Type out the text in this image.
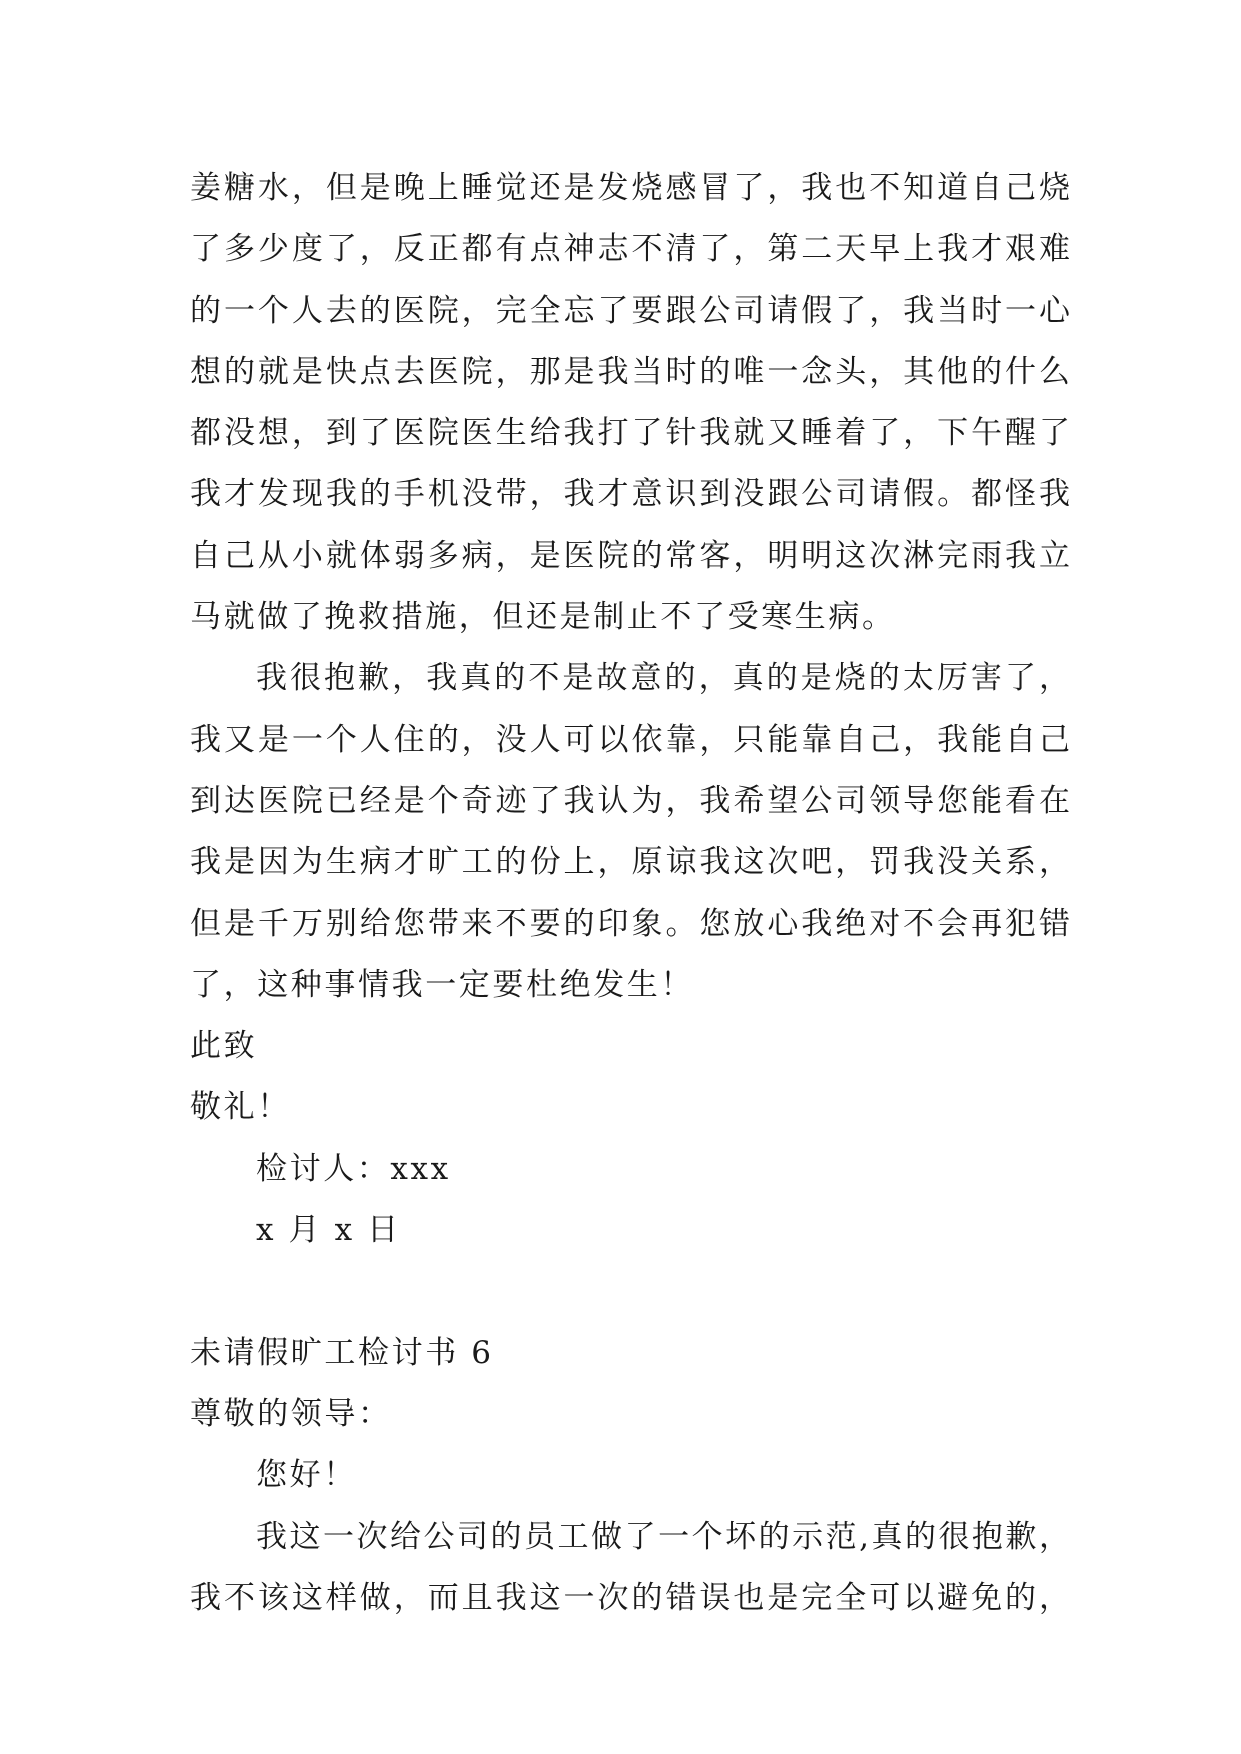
姜糖水，但是晚上睡觉还是发烧感冒了，我也不知道自己烧
了多少度了，反正都有点神志不清了，第二天早上我才艰难
的一个人去的医院，完全忘了要跟公司请假了，我当时一心
想的就是快点去医院，那是我当时的唯一念头，其他的什么
都没想，到了医院医生给我打了针我就又睡着了，下午醒了
我才发现我的手机没带，我才意识到没跟公司请假。都怪我
自己从小就体弱多病，是医院的常客，明明这次淋完雨我立
马就做了挽救措施，但还是制止不了受寒生病。
我很抱歉，我真的不是故意的，真的是烧的太厉害了，
我又是一个人住的，没人可以依靠，只能靠自己，我能自己
到达医院已经是个奇迹了我认为，我希望公司领导您能看在
我是因为生病才旷工的份上，原谅我这次吧，罚我没关系，
但是千万别给您带来不要的印象。您放心我绝对不会再犯错
了，这种事情我一定要杜绝发生！
此致
敬礼！
检讨人：xxx
x 月 x 日
未请假旷工检讨书 6
尊敬的领导：
您好！
我这一次给公司的员工做了一个坏的示范,真的很抱歉，
我不该这样做，而且我这一次的错误也是完全可以避免的，
